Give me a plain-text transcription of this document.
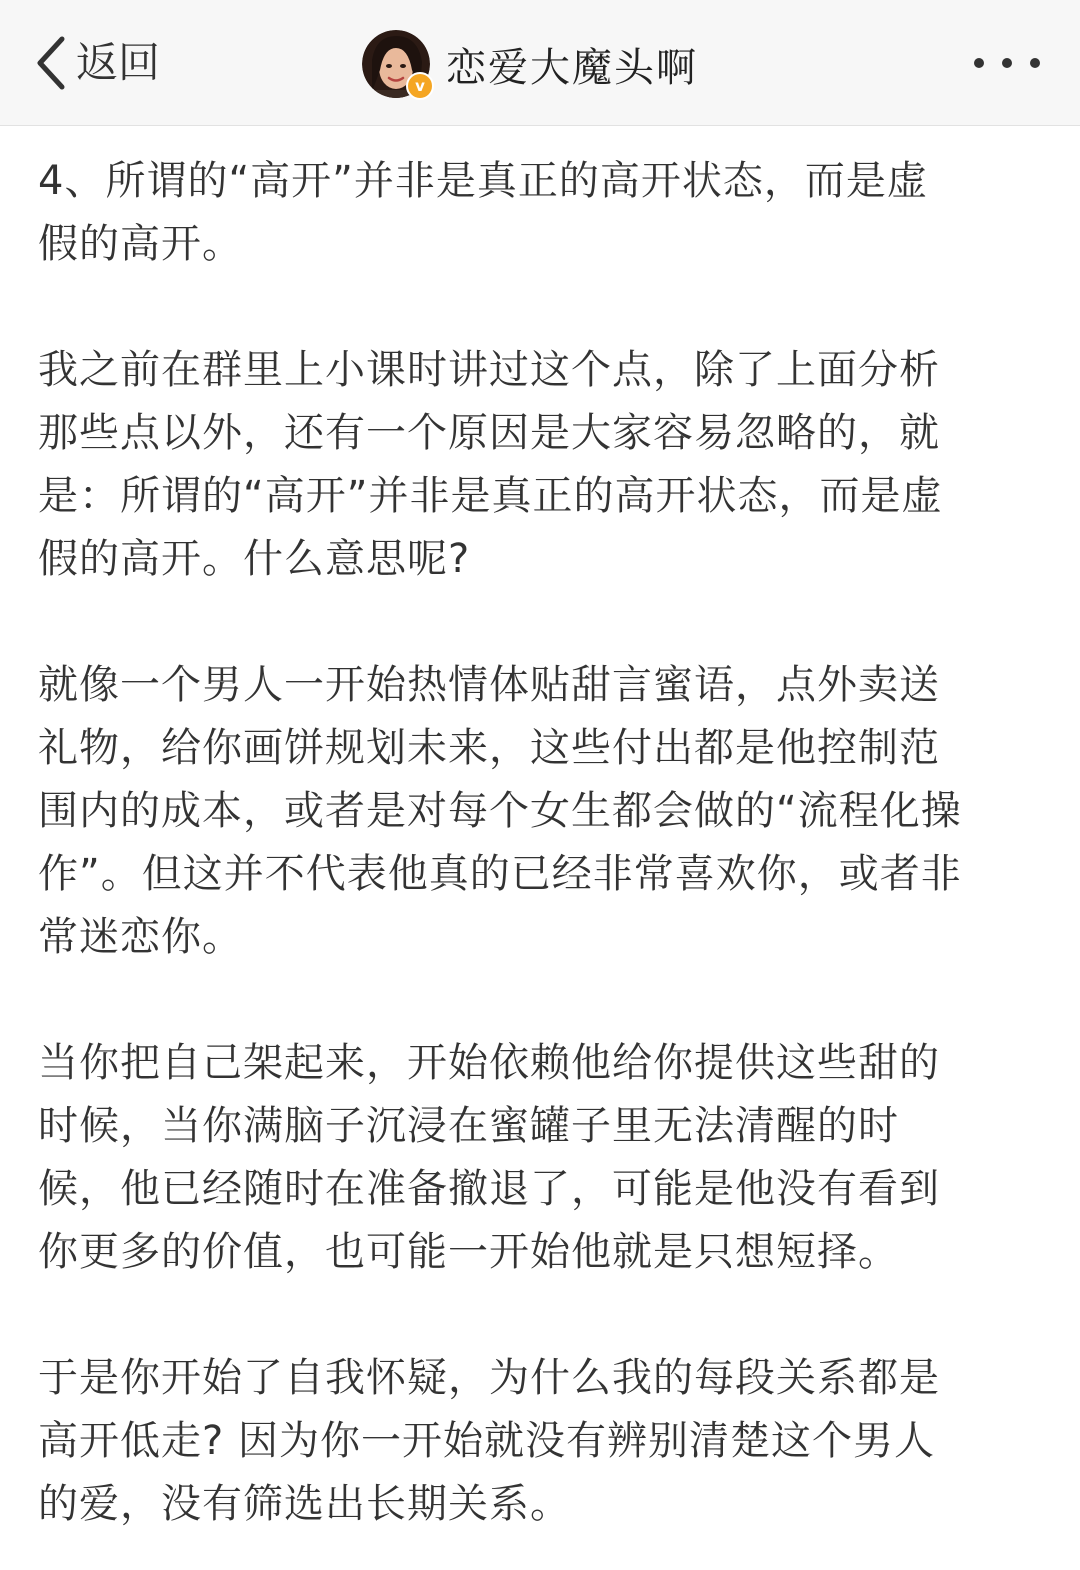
返回	v 恋爱大魔头啊

4、所谓的“高开”并非是真正的高开状态，而是虚
假的高开。

我之前在群里上小课时讲过这个点，除了上面分析
那些点以外，还有一个原因是大家容易忽略的，就
是：所谓的“高开”并非是真正的高开状态，而是虚
假的高开。什么意思呢?

就像一个男人一开始热情体贴甜言蜜语，点外卖送
礼物，给你画饼规划未来，这些付出都是他控制范
围内的成本，或者是对每个女生都会做的“流程化操
作”。但这并不代表他真的已经非常喜欢你，或者非
常迷恋你。

当你把自己架起来，开始依赖他给你提供这些甜的
时候，当你满脑子沉浸在蜜罐子里无法清醒的时
候，他已经随时在准备撤退了，可能是他没有看到
你更多的价值，也可能一开始他就是只想短择。

于是你开始了自我怀疑，为什么我的每段关系都是
高开低走? 因为你一开始就没有辨别清楚这个男人
的爱，没有筛选出长期关系。
